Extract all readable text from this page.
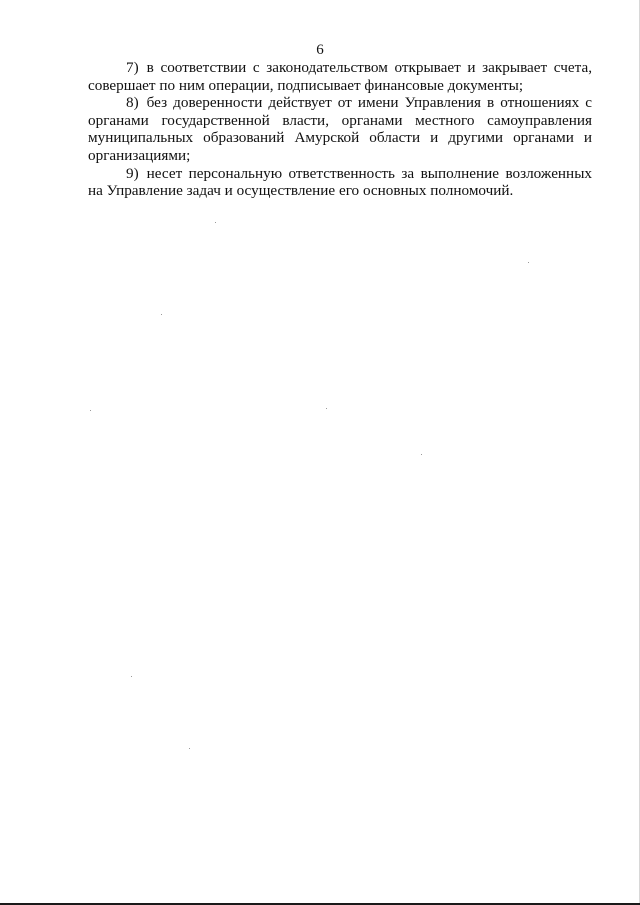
6

7) в соответствии с законодательством открывает и закрывает счета, совершает по ним операции, подписывает финансовые документы;

8) без доверенности действует от имени Управления в отношениях с органами государственной власти, органами местного самоуправления муниципальных образований Амурской области и другими органами и организациями;

9) несет персональную ответственность за выполнение возложенных на Управление задач и осуществление его основных полномочий.
